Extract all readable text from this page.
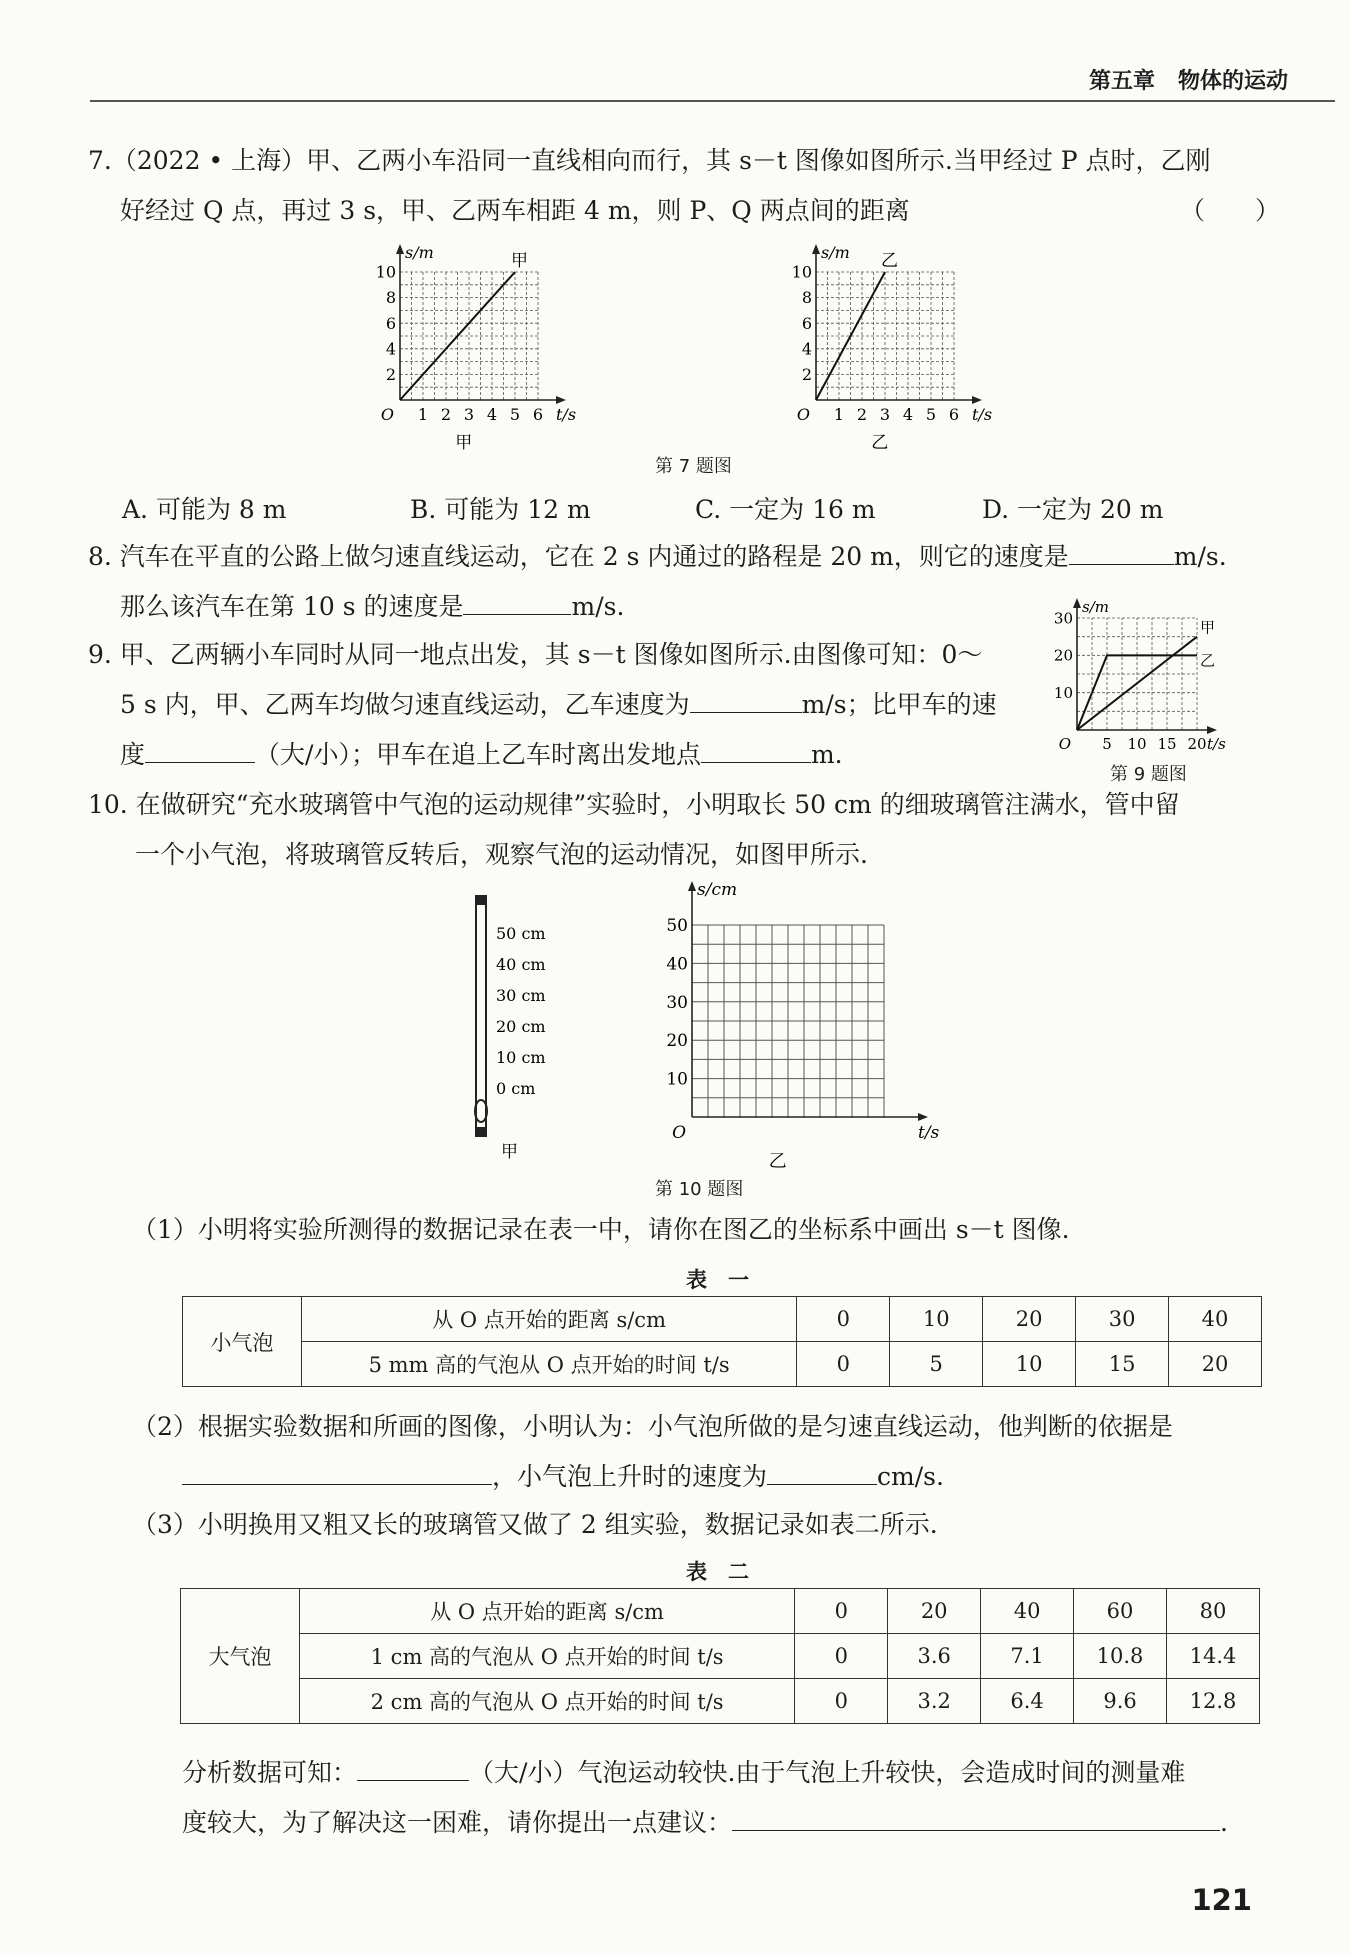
第五章 物体的运动
7.（2022 • 上海）甲、乙两小车沿同一直线相向而行，其 s－t 图像如图所示.当甲经过 P 点时，乙刚
好经过 Q 点，再过 3 s，甲、乙两车相距 4 m，则 P、Q 两点间的距离	（　　）
1 2 3 4 5 6
2
4
6
8
10
O
s/m
t/s
甲
甲
1 2 3 4 5 6
2
4
6
8
10
O
s/m
t/s
乙
乙
第 7 题图
A. 可能为 8 m	B. 可能为 12 m	C. 一定为 16 m	D. 一定为 20 m
8. 汽车在平直的公路上做匀速直线运动，它在 2 s 内通过的路程是 20 m，则它的速度是	m/s.
那么该汽车在第 10 s 的速度是	m/s.
9. 甲、乙两辆小车同时从同一地点出发，其 s－t 图像如图所示.由图像可知：0～
5 s 内，甲、乙两车均做匀速直线运动，乙车速度为	m/s；比甲车的速
度	（大/小）；甲车在追上乙车时离出发地点	m.	5 10 15 20
10
20
30
O
s/m
t/s
甲
乙
第 9 题图
10. 在做研究“充水玻璃管中气泡的运动规律”实验时，小明取长 50 cm 的细玻璃管注满水，管中留
一个小气泡，将玻璃管反转后，观察气泡的运动情况，如图甲所示.
50 cm
40 cm
30 cm
20 cm
10 cm
0 cm
甲
10
20
30
40
50
O
s/cm
t/s
乙
第 10 题图
（1）小明将实验所测得的数据记录在表一中，请你在图乙的坐标系中画出 s－t 图像.
表　一
小气泡	从 O 点开始的距离 s/cm	0	10	20	30	40
	5 mm 高的气泡从 O 点开始的时间 t/s	0	5	10	15	20
（2）根据实验数据和所画的图像，小明认为：小气泡所做的是匀速直线运动，他判断的依据是
，小气泡上升时的速度为	cm/s.
（3）小明换用又粗又长的玻璃管又做了 2 组实验，数据记录如表二所示.
表　二
大气泡	从 O 点开始的距离 s/cm	0	20	40	60	80
	1 cm 高的气泡从 O 点开始的时间 t/s	0	3.6	7.1	10.8	14.4
	2 cm 高的气泡从 O 点开始的时间 t/s	0	3.2	6.4	9.6	12.8
分析数据可知：	（大/小）气泡运动较快.由于气泡上升较快，会造成时间的测量难
度较大，为了解决这一困难，请你提出一点建议：	.
121
